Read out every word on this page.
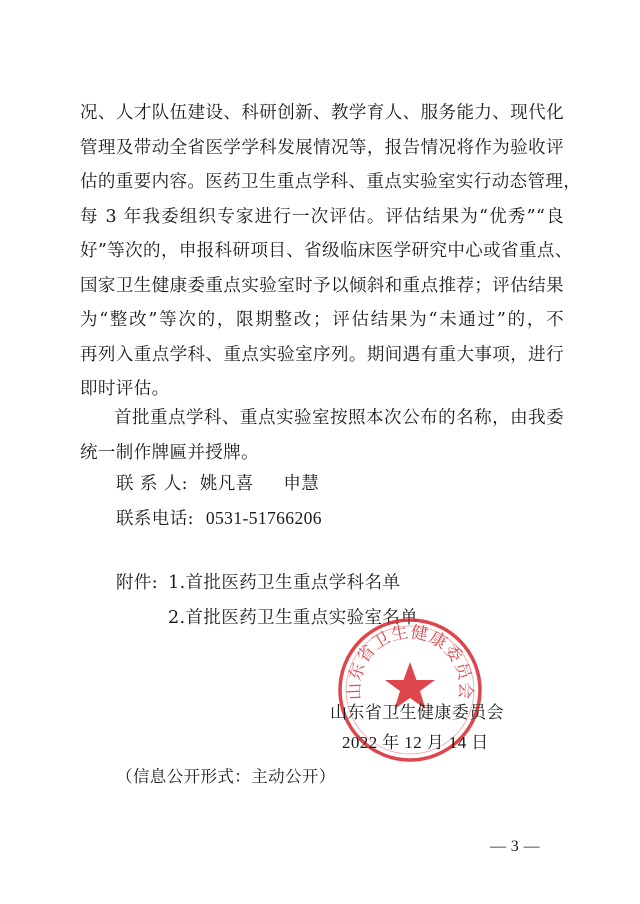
况、人才队伍建设、科研创新、教学育人、服务能力、现代化
管理及带动全省医学学科发展情况等，报告情况将作为验收评
估的重要内容。医药卫生重点学科、重点实验室实行动态管理，
每 3 年我委组织专家进行一次评估。评估结果为“优秀”“良
好”等次的，申报科研项目、省级临床医学研究中心或省重点、
国家卫生健康委重点实验室时予以倾斜和重点推荐；评估结果
为“整改”等次的，限期整改；评估结果为“未通过”的，不
再列入重点学科、重点实验室序列。期间遇有重大事项，进行
即时评估。
首批重点学科、重点实验室按照本次公布的名称，由我委
统一制作牌匾并授牌。
联 系 人: 姚凡喜     申慧
联系电话: 0531-51766206
附件: 1.首批医药卫生重点学科名单
2.首批医药卫生重点实验室名单
山东省卫生健康委员会
山东省卫生健康委员会
2022 年 12 月 14 日
（信息公开形式：主动公开）
— 3 —
